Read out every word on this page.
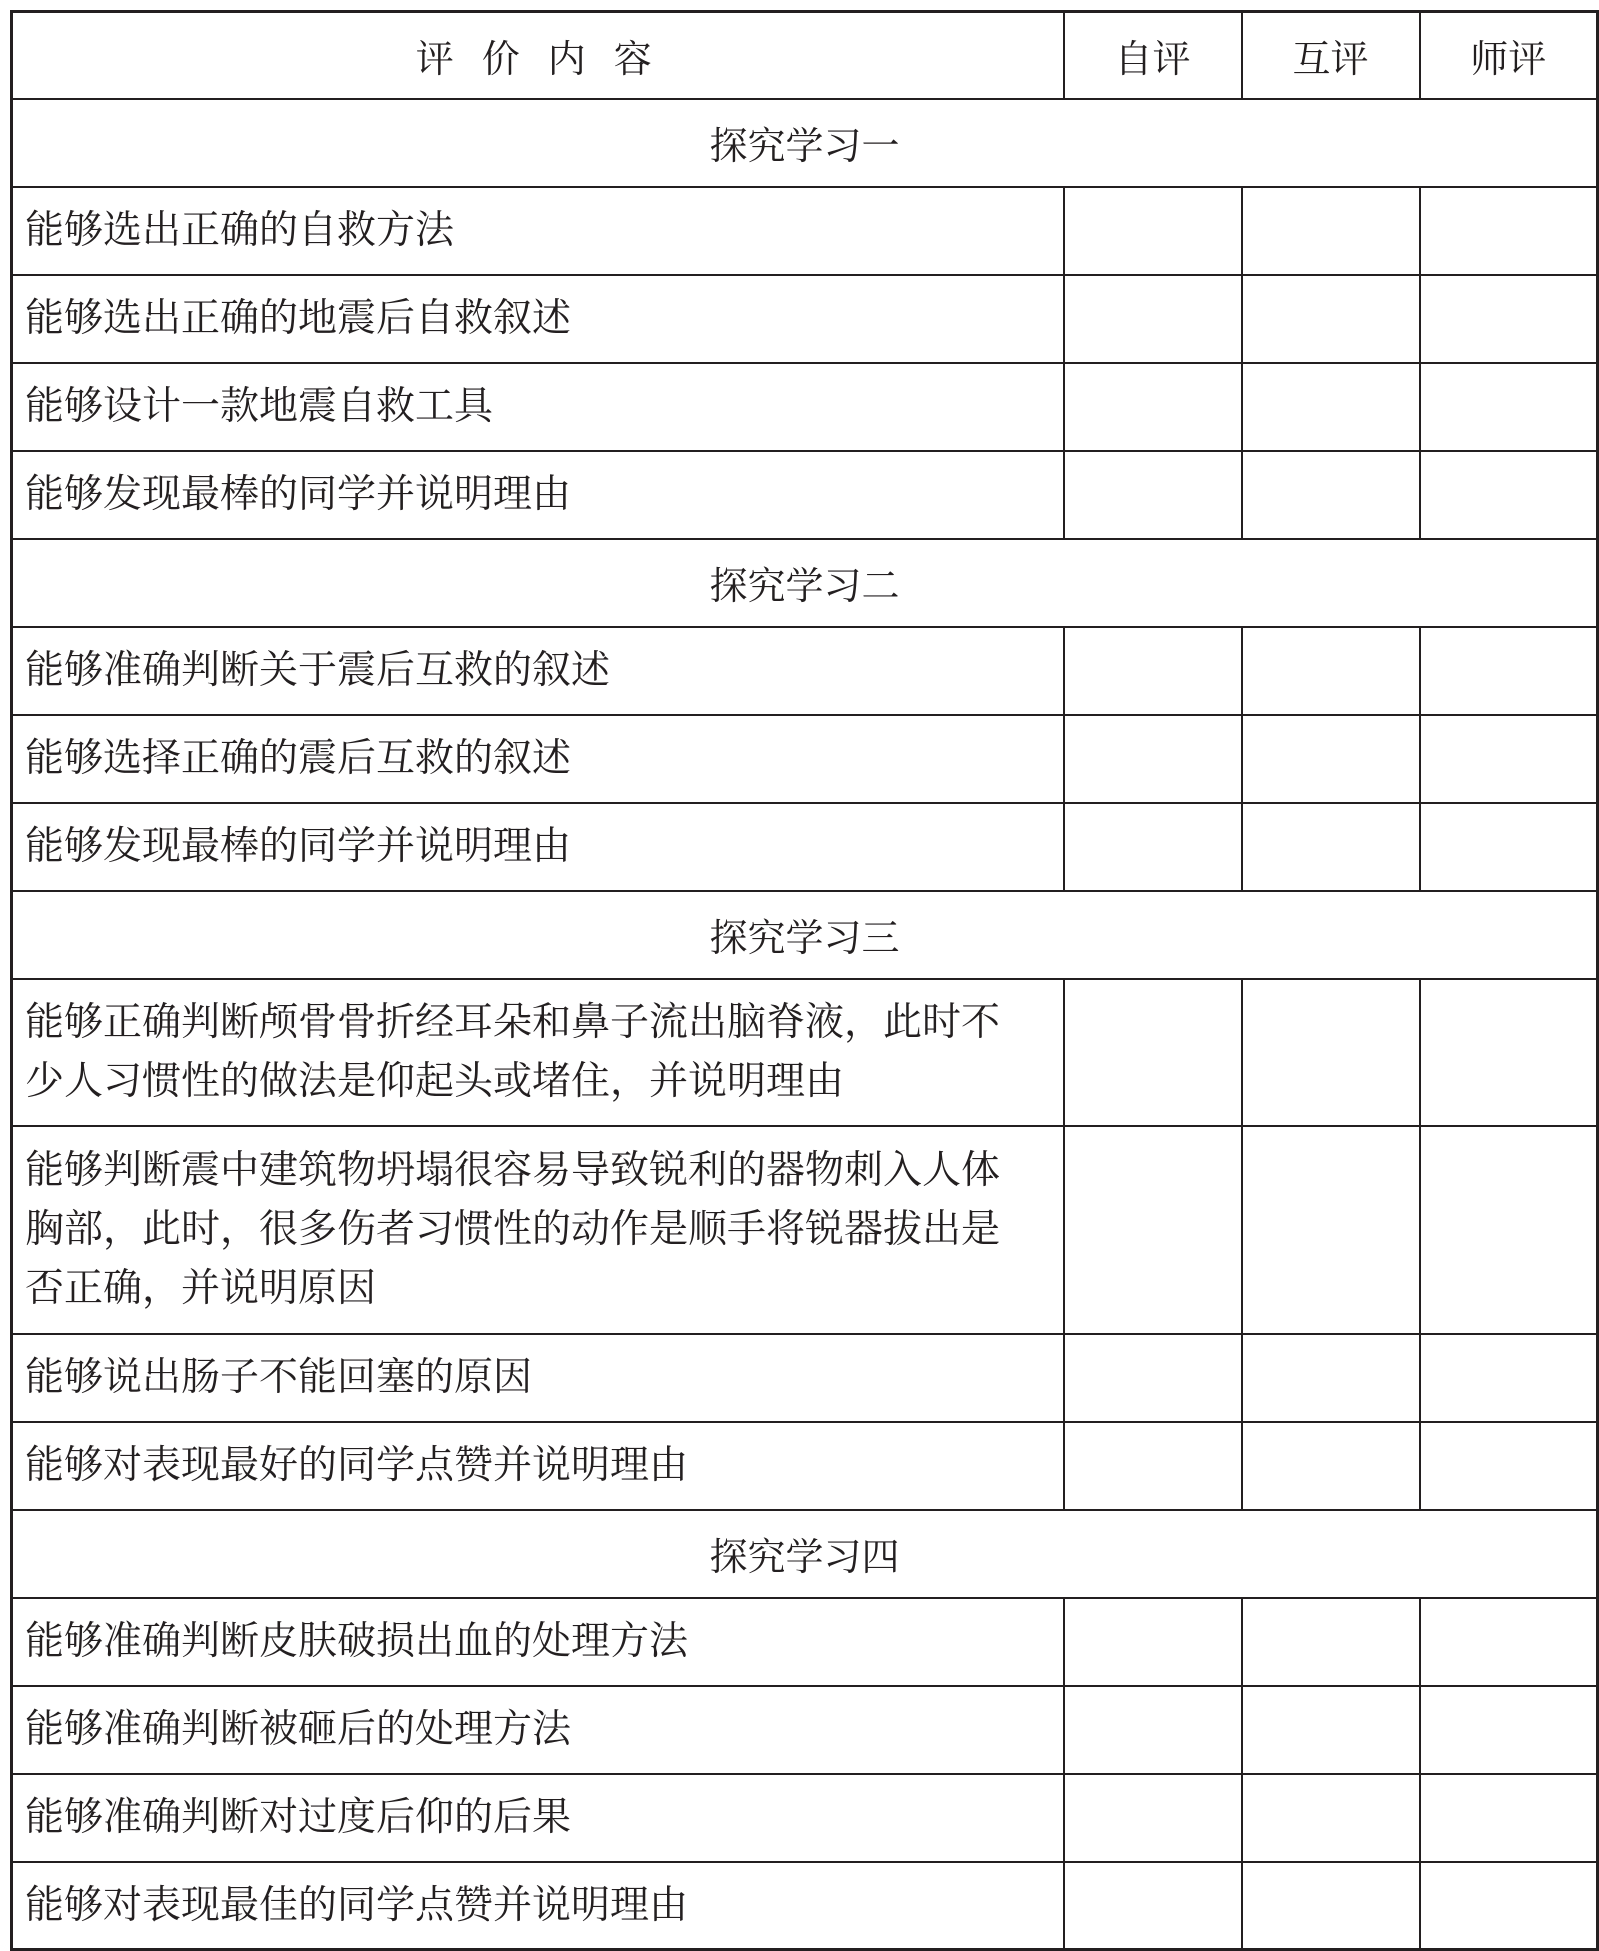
评价内容	自评	互评	师评
探究学习一			
能够选出正确的自救方法			
能够选出正确的地震后自救叙述			
能够设计一款地震自救工具			
能够发现最棒的同学并说明理由			
探究学习二			
能够准确判断关于震后互救的叙述			
能够选择正确的震后互救的叙述			
能够发现最棒的同学并说明理由			
探究学习三			
能够正确判断颅骨骨折经耳朵和鼻子流出脑脊液，此时不少人习惯性的做法是仰起头或堵住，并说明理由			
能够判断震中建筑物坍塌很容易导致锐利的器物刺入人体胸部，此时，很多伤者习惯性的动作是顺手将锐器拔出是否正确，并说明原因			
能够说出肠子不能回塞的原因			
能够对表现最好的同学点赞并说明理由			
探究学习四			
能够准确判断皮肤破损出血的处理方法			
能够准确判断被砸后的处理方法			
能够准确判断对过度后仰的后果			
能够对表现最佳的同学点赞并说明理由			
